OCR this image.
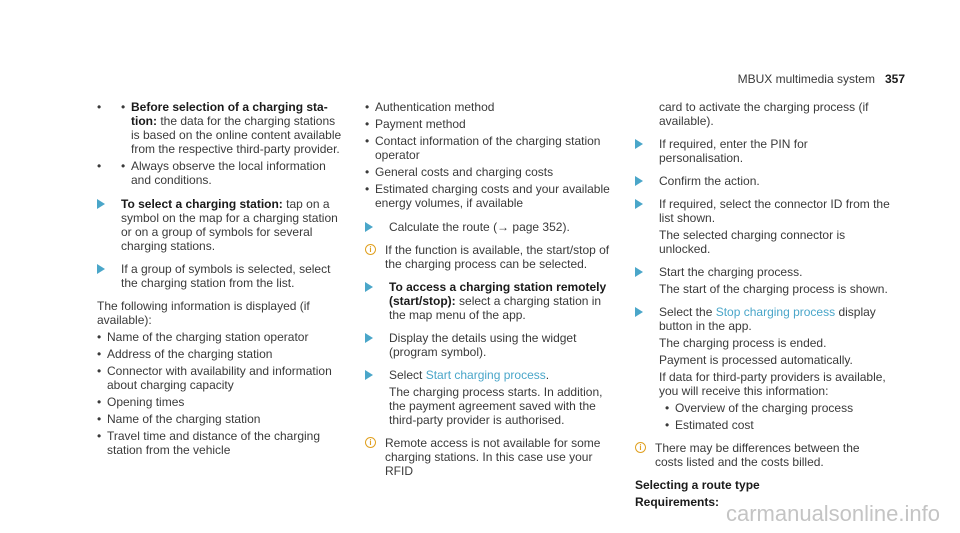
MBUX multimedia system 357
• • Before selection of a charging sta-tion: the data for the charging stations is based on the online content available from the respective third-party provider.
• • Always observe the local information and conditions.
To select a charging station: tap on a symbol on the map for a charging station or on a group of symbols for several charging stations.
If a group of symbols is selected, select the charging station from the list.

The following information is displayed (if available):

• Name of the charging station operator
• Address of the charging station
• Connector with availability and information about charging capacity
• Opening times
• Name of the charging station
• Travel time and distance of the charging station from the vehicle
• Authentication method
• Payment method
• Contact information of the charging station operator
• General costs and charging costs
• Estimated charging costs and your available energy volumes, if available
Calculate the route (→ page 352).
i	If the function is available, the start/stop of the charging process can be selected.
To access a charging station remotely (start/stop): select a charging station in the map menu of the app.
Display the details using the widget (program symbol).

Select Start charging process.

The charging process starts. In addition, the payment agreement saved with the third-party provider is authorised.

i	Remote access is not available for some charging stations. In this case use your RFID
card to activate the charging process (if available).
If required, enter the PIN for personalisation.
Confirm the action.

If required, select the connector ID from the list shown.

The selected charging connector is unlocked.

Start the charging process.

The start of the charging process is shown.

Select the Stop charging process display button in the app.

The charging process is ended.

Payment is processed automatically.

If data for third-party providers is available, you will receive this information:

• Overview of the charging process
• Estimated cost
i	There may be differences between the costs listed and the costs billed.

Selecting a route type

Requirements: carmanualsonline.info
